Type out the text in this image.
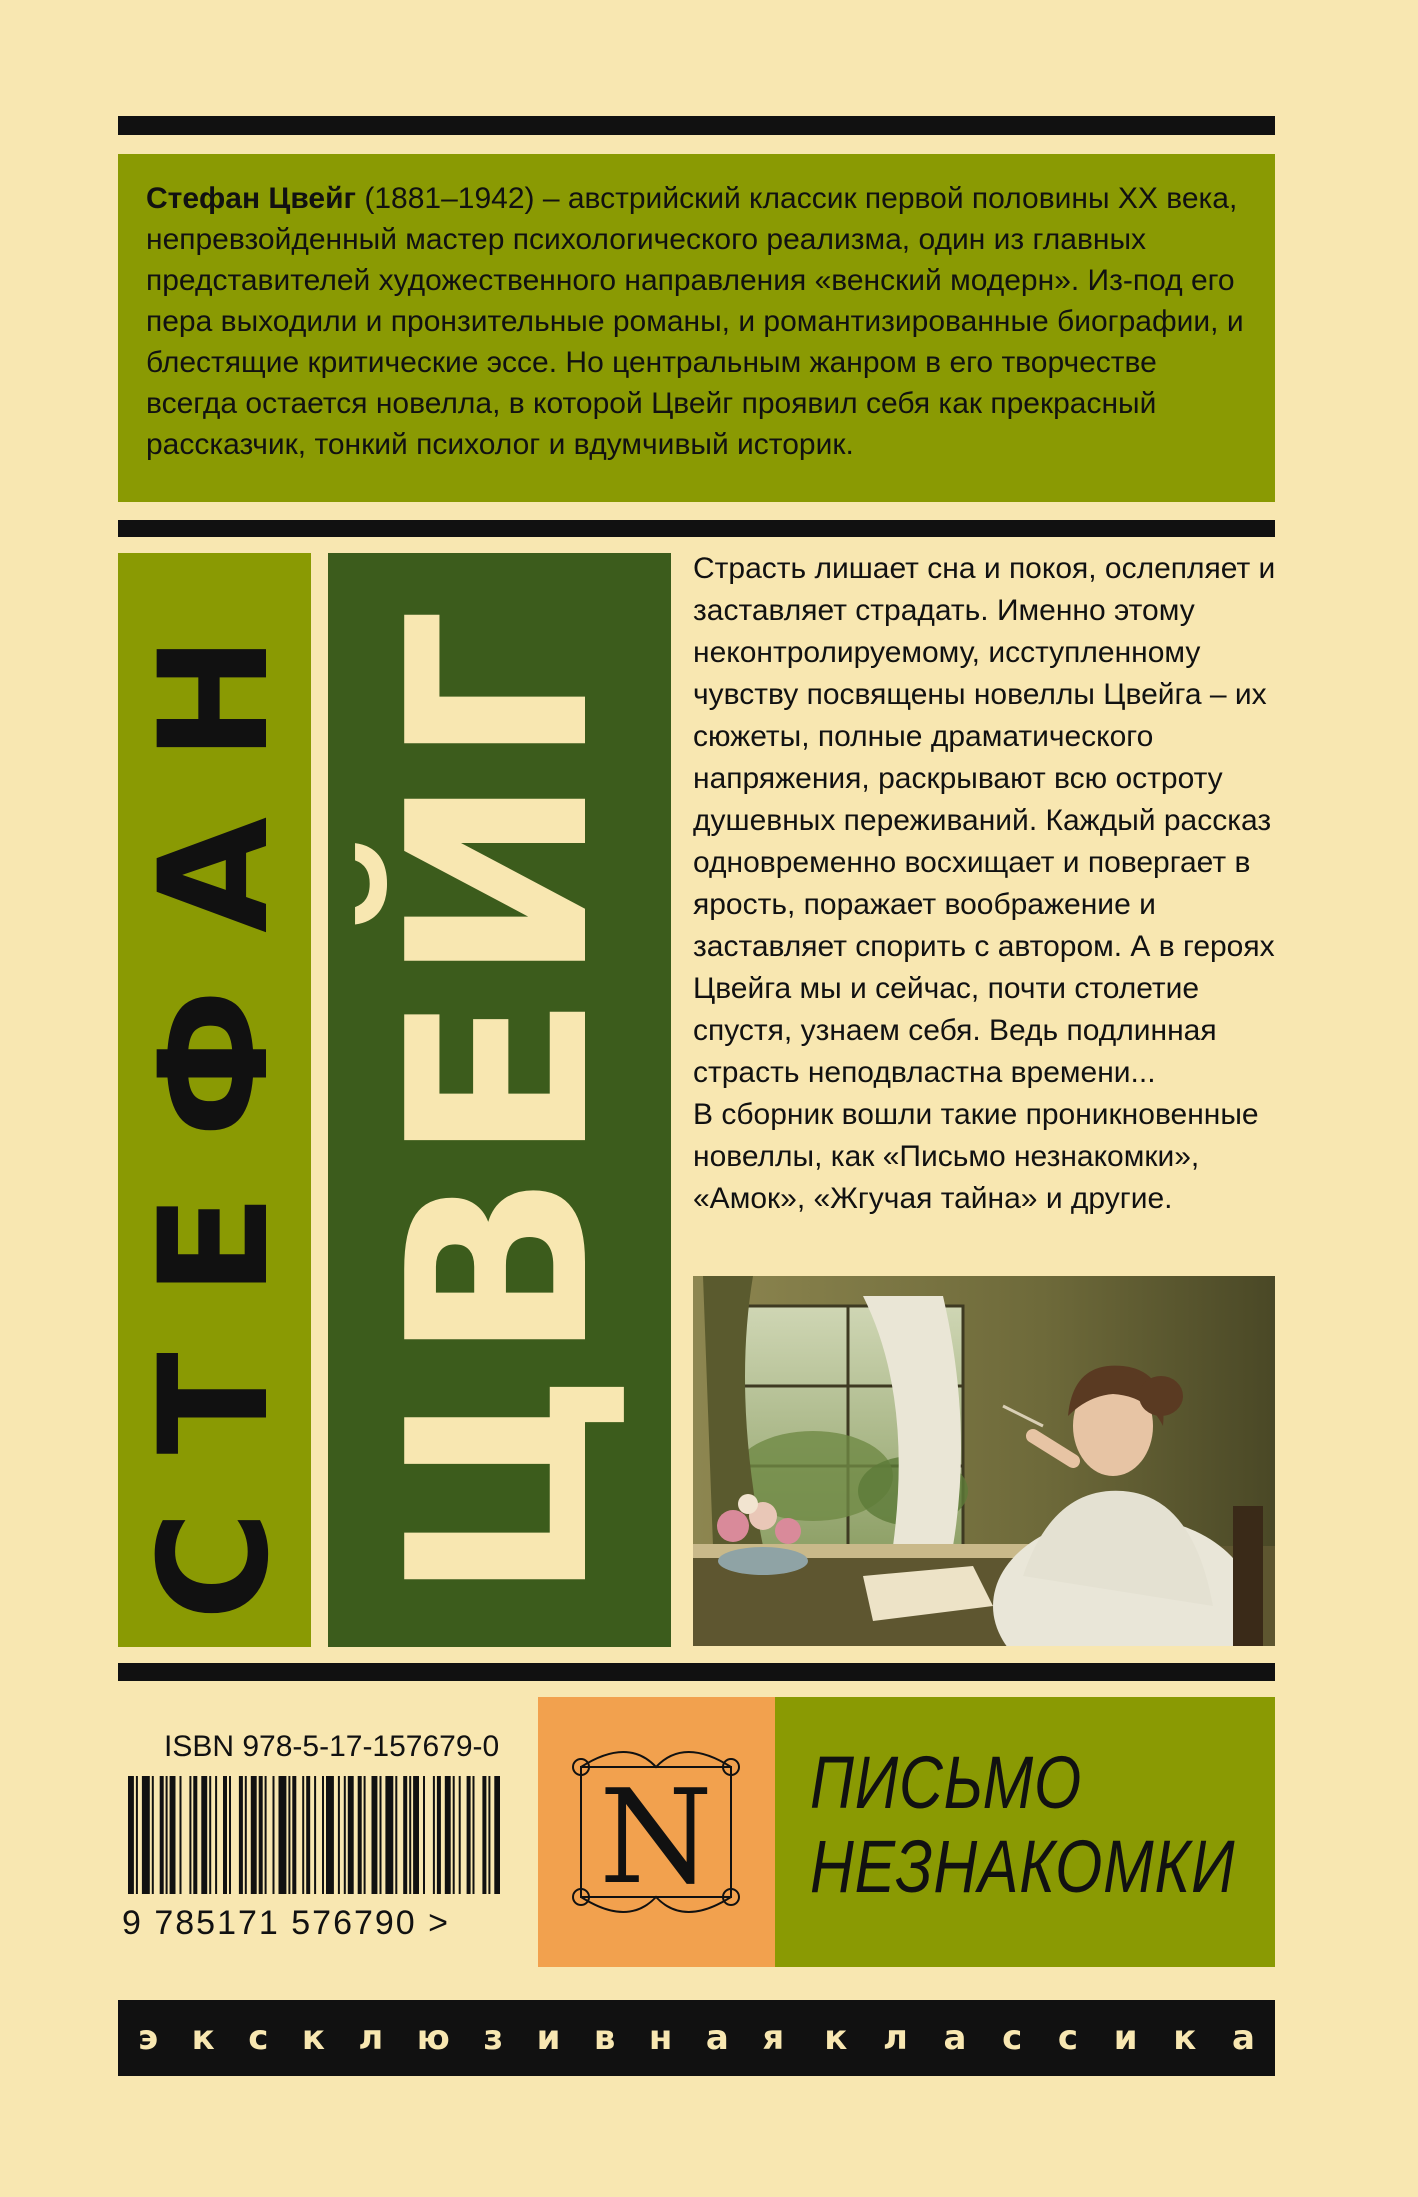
Стефан Цвейг (1881–1942) – австрийский классик первой половины XX века, непревзойденный мастер психологического реализма, один из главных представителей художественного направления «венский модерн». Из-под его пера выходили и пронзительные романы, и романтизированные биографии, и блестящие критические эссе. Но центральным жанром в его творчестве всегда остается новелла, в которой Цвейг проявил себя как прекрасный рассказчик, тонкий психолог и вдумчивый историк.
СТЕФАН ЦВЕЙГ

Страсть лишает сна и покоя, ослепляет и заставляет страдать. Именно этому неконтролируемому, исступленному чувству посвящены новеллы Цвейга – их сюжеты, полные драматического напряжения, раскрывают всю остроту душевных переживаний. Каждый рассказ одновременно восхищает и повергает в ярость, поражает воображение и заставляет спорить с автором. А в героях Цвейга мы и сейчас, почти столетие спустя, узнаем себя. Ведь подлинная страсть неподвластна времени...

В сборник вошли такие проникновенные новеллы, как «Письмо незнакомки», «Амок», «Жгучая тайна» и другие.

ISBN 978-5-17-157679-0
9 785171 576790 >
N ПИСЬМО
НЕЗНАКОМКИ
э к с к л ю з и в н а я к л а с с и к а
